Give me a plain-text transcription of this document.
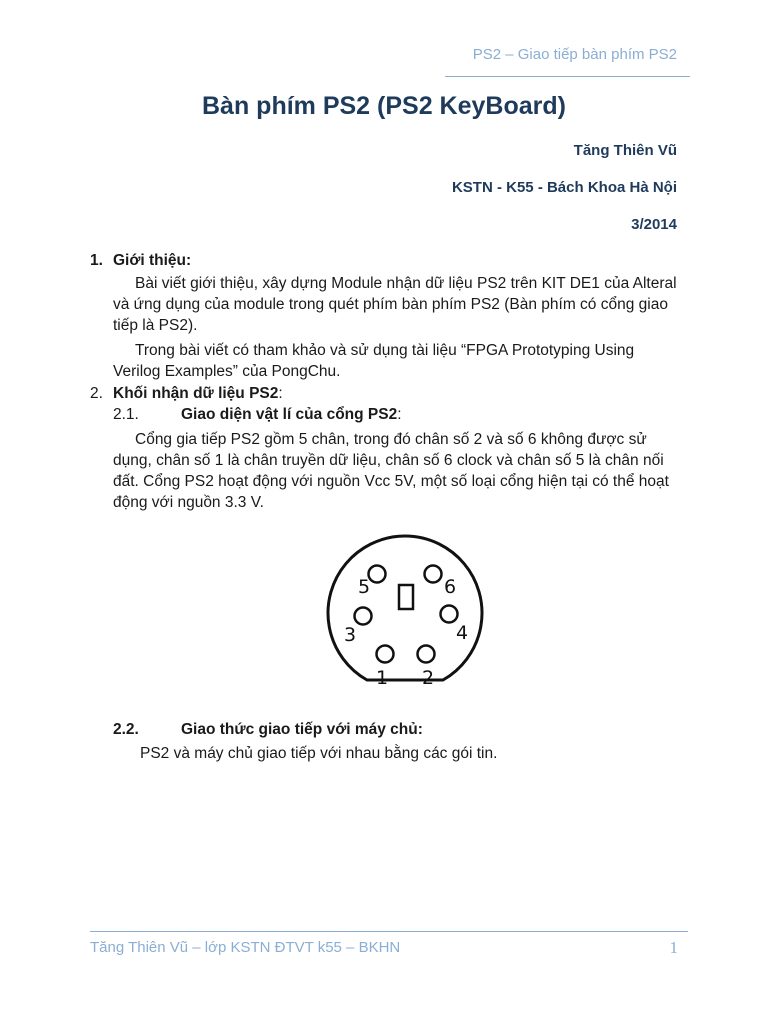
PS2 – Giao tiếp bàn phím PS2
Bàn phím PS2 (PS2 KeyBoard)
Tăng Thiên Vũ
KSTN - K55 - Bách Khoa Hà Nội
3/2014
1. Giới thiệu:
Bài viết giới thiệu, xây dựng Module nhận dữ liệu PS2 trên KIT DE1 của Alteral và ứng dụng của module trong quét phím bàn phím PS2 (Bàn phím có cổng giao tiếp là PS2).
Trong bài viết có tham khảo và sử dụng tài liệu “FPGA Prototyping Using Verilog Examples” của PongChu.
2. Khối nhận dữ liệu PS2:
2.1.	Giao diện vật lí của cổng PS2:
Cổng gia tiếp PS2 gồm 5 chân, trong đó chân số 2 và số 6 không được sử dụng, chân số 1 là chân truyền dữ liệu, chân số 6 clock và chân số 5 là chân nối đất. Cổng PS2 hoạt động với nguồn Vcc 5V, một số loại cổng hiện tại có thể hoạt động với nguồn 3.3 V.
5	6
3	4
1 2
2.2.	Giao thức giao tiếp với máy chủ:
PS2 và máy chủ giao tiếp với nhau bằng các gói tin.
Tăng Thiên Vũ – lớp KSTN ĐTVT k55 – BKHN	1
